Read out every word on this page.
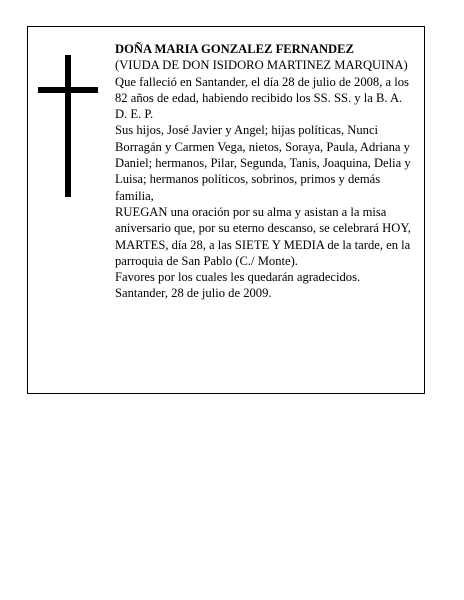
DOÑA MARIA GONZALEZ FERNANDEZ

(VIUDA DE DON ISIDORO MARTINEZ MARQUINA)

Que falleció en Santander, el día 28 de julio de 2008, a los 82 años de edad, habiendo recibido los SS. SS. y la B. A.

D. E. P.

Sus hijos, José Javier y Angel; hijas políticas, Nunci Borragán y Carmen Vega, nietos, Soraya, Paula, Adriana y Daniel; hermanos, Pilar, Segunda, Tanis, Joaquina, Delia y Luisa; hermanos políticos, sobrinos, primos y demás familia,

RUEGAN una oración por su alma y asistan a la misa aniversario que, por su eterno descanso, se celebrará HOY, MARTES, día 28, a las SIETE Y MEDIA de la tarde, en la parroquia de San Pablo (C./ Monte).

Favores por los cuales les quedarán agradecidos.

Santander, 28 de julio de 2009.
